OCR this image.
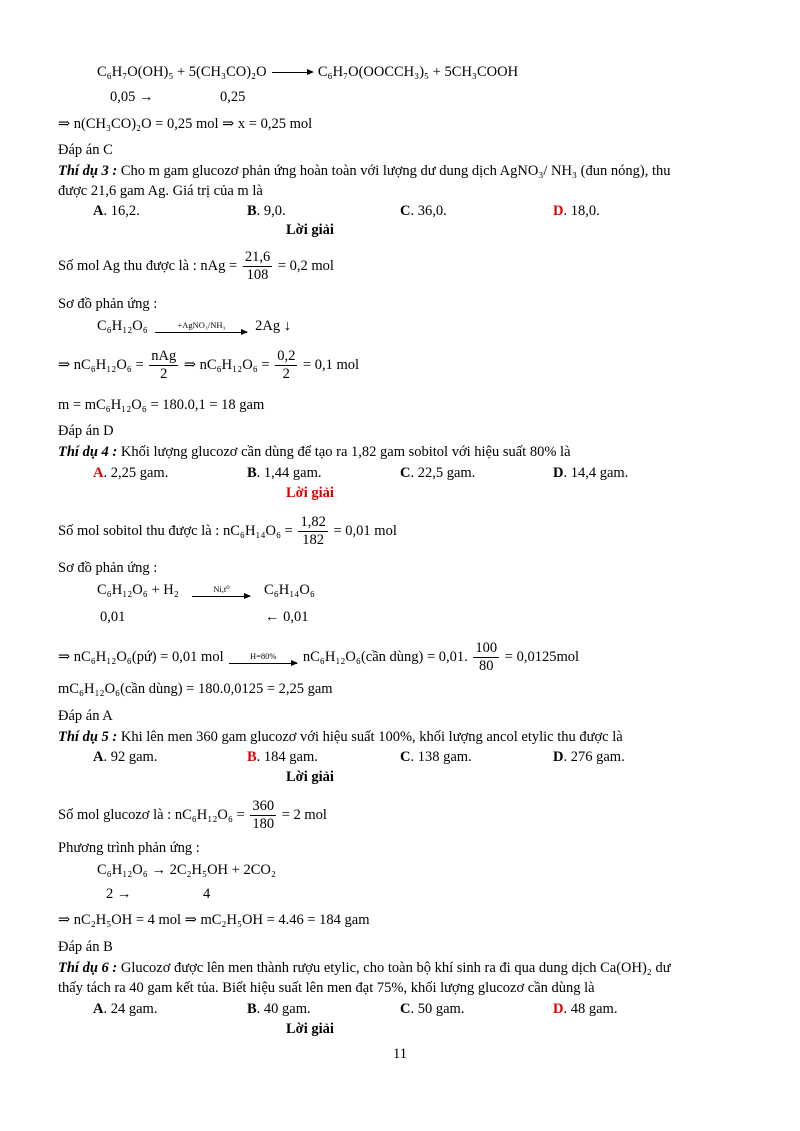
C₆H₇O(OH)₅ + 5(CH₃CO)₂O	C₆H₇O(OOCCH₃)₅ + 5CH₃COOH
0,05 →	0,25
⇒ n(CH₃CO)₂O = 0,25 mol ⇒ x = 0,25 mol
Đáp án C
Thí dụ 3 : Cho m gam glucozơ phản ứng hoàn toàn với lượng dư dung dịch AgNO₃/ NH₃ (đun nóng), thu
được 21,6 gam Ag. Giá trị của m là
A. 16,2.	B. 9,0.	C. 36,0.	D. 18,0.
Lời giải
Số mol Ag thu được là : nAg = $\frac{21,6}{108} = 0,2$ mol
Sơ đồ phản ứng :
C₆H₁₂O₆	+AgNO₃/NH₃	2Ag ↓
⇒ $nC_6H_{12}O_6 = \frac{\text{nAg}}{2}$ ⇒ $nC_6H_{12}O_6 = \frac{0,2}{2} = 0,1$ mol
m = mC₆H₁₂O₆ = 180.0,1 = 18 gam
Đáp án D
Thí dụ 4 : Khối lượng glucozơ cần dùng để tạo ra 1,82 gam sobitol với hiệu suất 80% là
A. 2,25 gam.	B. 1,44 gam.	C. 22,5 gam.	D. 14,4 gam.
Lời giải
Số mol sobitol thu được là : $nC_6H_{14}O_6 = \frac{1,82}{182} = 0,01$ mol
Sơ đồ phản ứng :
C₆H₁₂O₆ + H₂	Ni,t⁰	C₆H₁₄O₆
0,01	← 0,01
⇒ nC₆H₁₂O₆(pứ) = 0,01 mol	H=80%	nC₆H₁₂O₆(cần dùng) = 0,01. $\frac{100}{80} = 0,0125mol$
mC₆H₁₂O₆(cần dùng) = 180.0,0125 = 2,25 gam
Đáp án A
Thí dụ 5 : Khi lên men 360 gam glucozơ với hiệu suất 100%, khối lượng ancol etylic thu được là
A. 92 gam.	B. 184 gam.	C. 138 gam.	D. 276 gam.
Lời giải
Số mol glucozơ là : $nC_6H_{12}O_6 = \frac{360}{180} = 2$ mol
Phương trình phản ứng :
C₆H₁₂O₆ → 2C₂H₅OH + 2CO₂
2 →	4
⇒ nC₂H₅OH = 4 mol ⇒ mC₂H₅OH = 4.46 = 184 gam
Đáp án B
Thí dụ 6 : Glucozơ được lên men thành rượu etylic, cho toàn bộ khí sinh ra đi qua dung dịch Ca(OH)₂ dư
thấy tách ra 40 gam kết tủa. Biết hiệu suất lên men đạt 75%, khối lượng glucozơ cần dùng là
A. 24 gam.	B. 40 gam.	C. 50 gam.	D. 48 gam.
Lời giải
11
